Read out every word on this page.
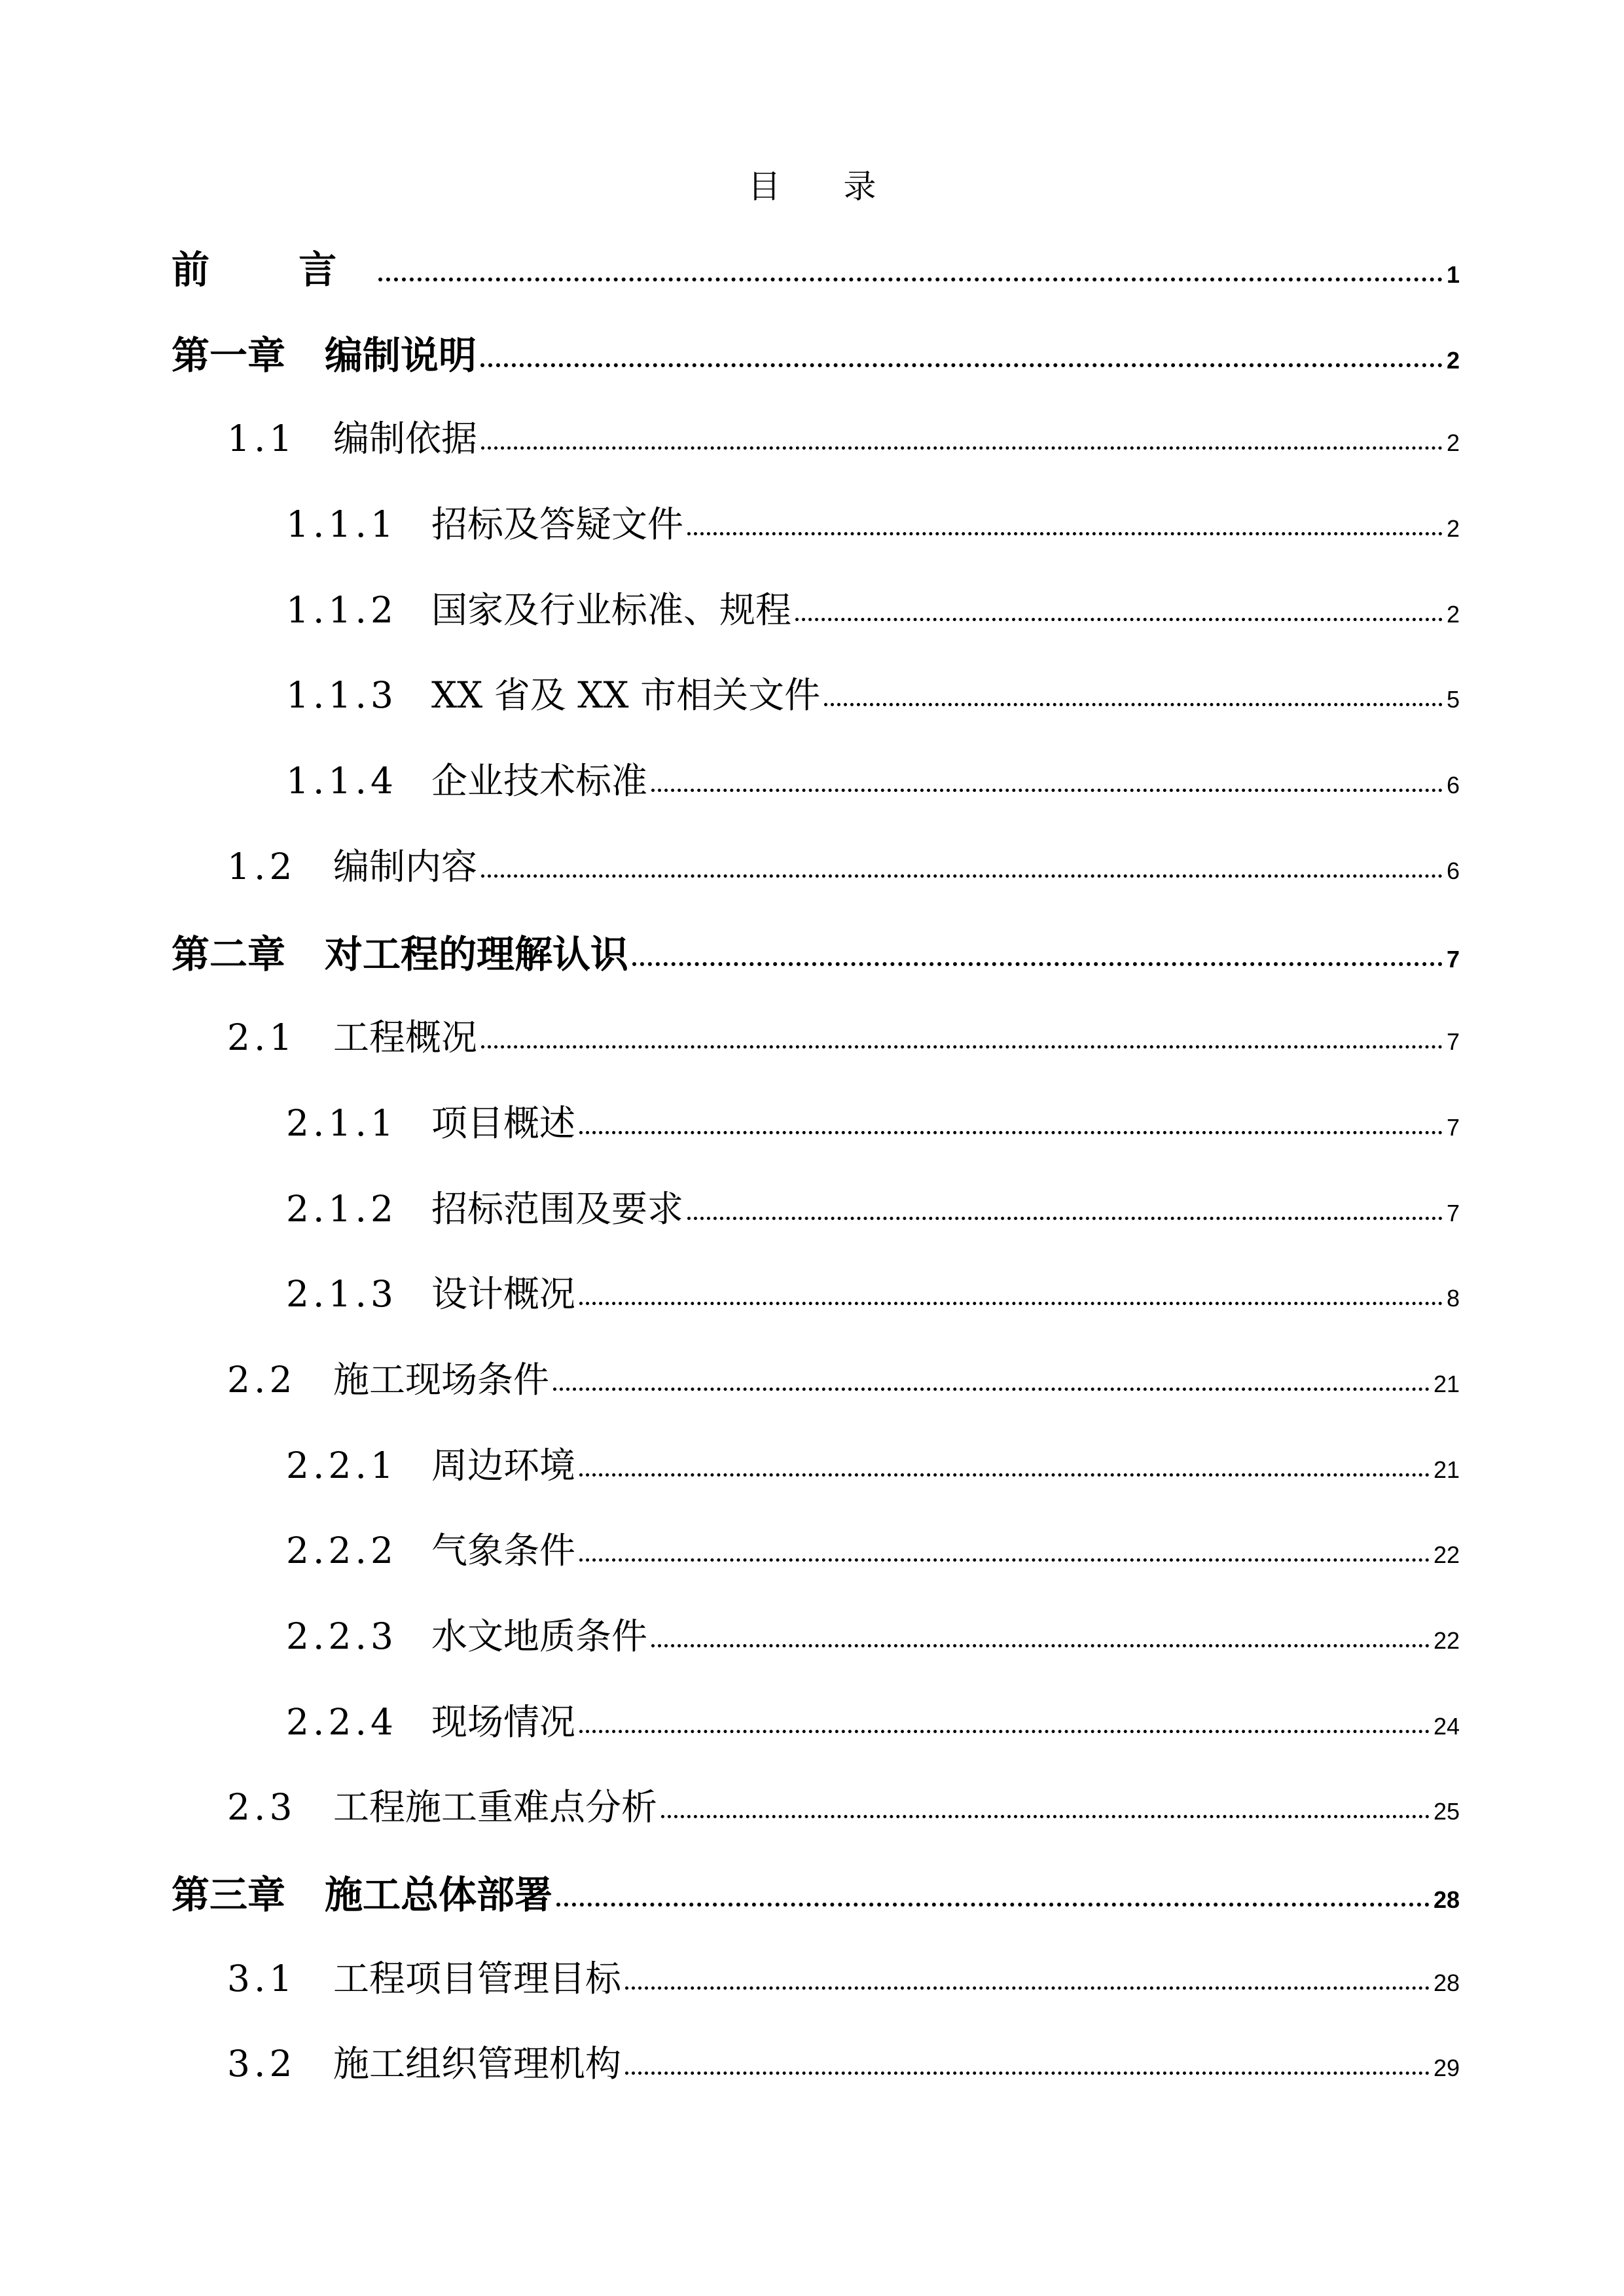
目 录
前 言	1
第一章 编制说明	2
1.1	编制依据	2
1.1.1 招标及答疑文件	2
1.1.2 国家及行业标准、规程	2
1.1.3 XX 省及 XX 市相关文件	5
1.1.4 企业技术标准	6
1.2	编制内容	6
第二章 对工程的理解认识	7
2.1	工程概况	7
2.1.1 项目概述	7
2.1.2 招标范围及要求	7
2.1.3 设计概况	8
2.2	施工现场条件	21
2.2.1 周边环境	21
2.2.2 气象条件	22
2.2.3 水文地质条件	22
2.2.4 现场情况	24
2.3	工程施工重难点分析	25
第三章 施工总体部署	28
3.1	工程项目管理目标	28
3.2	施工组织管理机构	29
